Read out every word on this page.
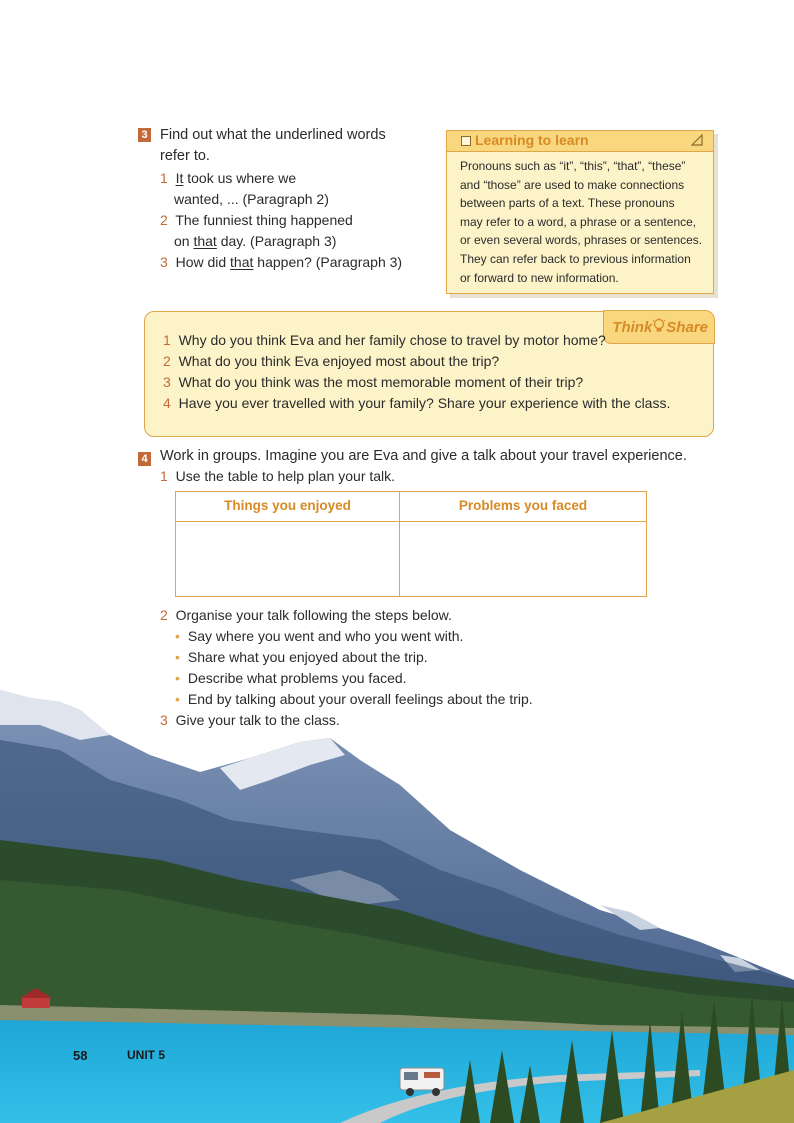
3 Find out what the underlined words
refer to.
1 It took us where we
wanted, ... (Paragraph 2)
2 The funniest thing happened
on that day. (Paragraph 3)
3 How did that happen? (Paragraph 3)
Learning to learn
Pronouns such as “it”, “this”, “that”, “these”
and “those” are used to make connections
between parts of a text. These pronouns
may refer to a word, a phrase or a sentence,
or even several words, phrases or sentences.
They can refer back to previous information
or forward to new information.
Think Share
1 Why do you think Eva and her family chose to travel by motor home?
2 What do you think Eva enjoyed most about the trip?
3 What do you think was the most memorable moment of their trip?
4 Have you ever travelled with your family? Share your experience with the class.
4 Work in groups. Imagine you are Eva and give a talk about your travel experience.
1 Use the table to help plan your talk.
Things you enjoyed	Problems you faced
2 Organise your talk following the steps below.
• Say where you went and who you went with.
• Share what you enjoyed about the trip.
• Describe what problems you faced.
• End by talking about your overall feelings about the trip.
3 Give your talk to the class.
58	UNIT 5
